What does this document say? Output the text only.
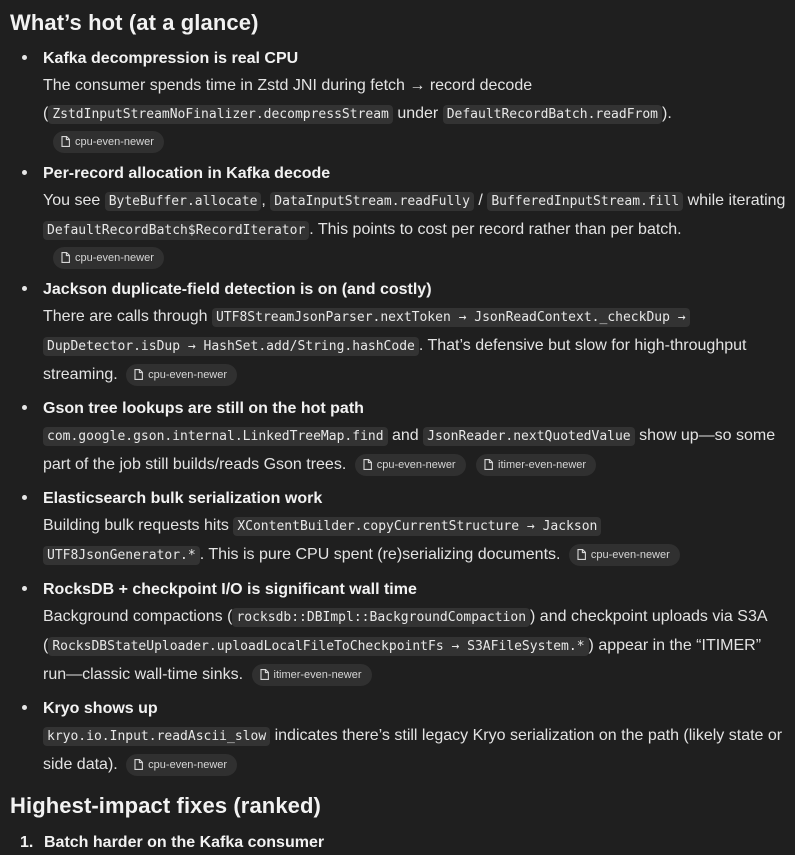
What’s hot (at a glance)
Kafka decompression is real CPU
The consumer spends time in Zstd JNI during fetch → record decode
( ZstdInputStreamNoFinalizer.decompressStream under DefaultRecordBatch.readFrom ).
cpu-even-newer
Per-record allocation in Kafka decode
You see ByteBuffer.allocate , DataInputStream.readFully / BufferedInputStream.fill while iterating DefaultRecordBatch$RecordIterator . This points to cost per record rather than per batch.
cpu-even-newer
Jackson duplicate-field detection is on (and costly)
There are calls through UTF8StreamJsonParser.nextToken → JsonReadContext._checkDup →
DupDetector.isDup → HashSet.add/String.hashCode . That’s defensive but slow for high-throughput streaming.	cpu-even-newer
Gson tree lookups are still on the hot path
com.google.gson.internal.LinkedTreeMap.find and JsonReader.nextQuotedValue show up—so some part of the job still builds/reads Gson trees.	cpu-even-newer
	itimer-even-newer
Elasticsearch bulk serialization work
Building bulk requests hits XContentBuilder.copyCurrentStructure → Jackson
UTF8JsonGenerator.* . This is pure CPU spent (re)serializing documents.	cpu-even-newer
RocksDB + checkpoint I/O is significant wall time
Background compactions ( rocksdb::DBImpl::BackgroundCompaction ) and checkpoint uploads via S3A ( RocksDBStateUploader.uploadLocalFileToCheckpointFs → S3AFileSystem.* ) appear in the “ITIMER” run—classic wall-time sinks.	itimer-even-newer
Kryo shows up
kryo.io.Input.readAscii_slow indicates there’s still legacy Kryo serialization on the path (likely state or side data).	cpu-even-newer
Highest-impact fixes (ranked)
1. Batch harder on the Kafka consumer
